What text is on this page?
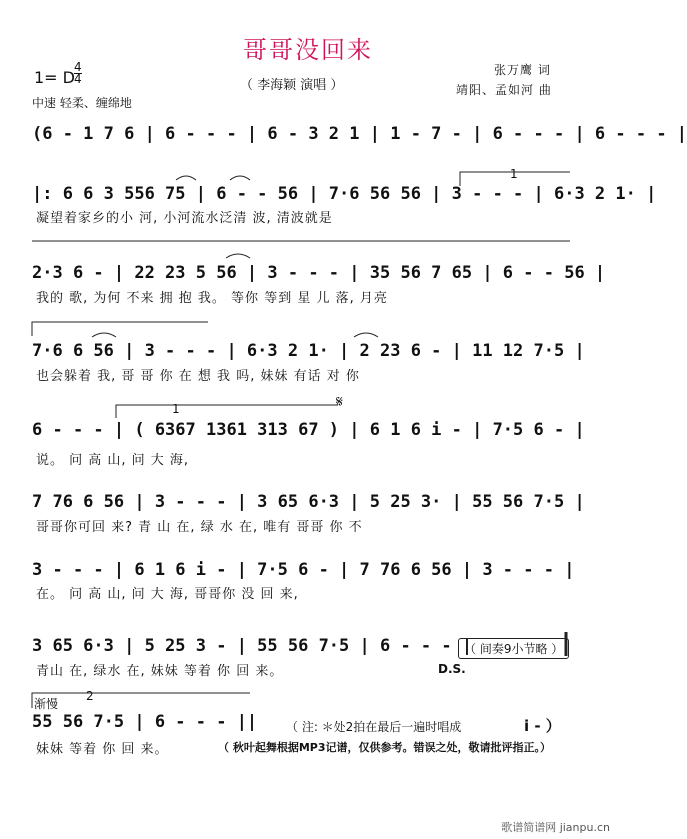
哥哥没回来
（ 李海颖 演唱 ）
张万鹰 词
靖阳、孟如河 曲
1= D
4
4
中速 轻柔、缠绵地
(6 - 1 7 6 | 6 - - - | 6 - 3 2 1 | 1 - 7 - | 6 - - - | 6 - - - |
|: 6 6 3 556 75 | 6 - - 56 | 7·6 56 56 | 3 - - - | 6·3 2 1· |
凝望着家乡的小 河, 小河流水泛清 波, 清波就是
2·3 6 - | 22 23 5 56 | 3 - - - | 35 56 7 65 | 6 - - 56 |
我的 歌, 为何 不来 拥 抱 我。 等你 等到 星 儿 落, 月亮
7·6 6 56 | 3 - - - | 6·3 2 1· | 2 23 6 - | 11 12 7·5 |
也会躲着 我, 哥 哥 你 在 想 我 吗, 妹妹 有话 对 你
6 - - - | ( 6367 1361 313 67 ) | 6 1 6 i - | 7·5 6 - |
说。 问 高 山, 问 大 海,
7 76 6 56 | 3 - - - | 3 65 6·3 | 5 25 3· | 55 56 7·5 |
哥哥你可回 来? 青 山 在, 绿 水 在, 唯有 哥哥 你 不
3 - - - | 6 1 6 i - | 7·5 6 - | 7 76 6 56 | 3 - - - |
在。 问 高 山, 问 大 海, 哥哥你 没 回 来,
3 65 6·3 | 5 25 3 - | 55 56 7·5 | 6 - - - |
青山 在, 绿水 在, 妹妹 等着 你 回 来。
（ 间奏9小节略 ）
D.S.
渐慢
55 56 7·5 | 6 - - - ||
妹妹 等着 你 回 来。
（ 注: ＊处2拍在最后一遍时唱成	i - ）
（ 秋叶起舞根据MP3记谱，仅供参考。错误之处，敬请批评指正。）
1
1	𝄋
2
歌谱简谱网 jianpu.cn
